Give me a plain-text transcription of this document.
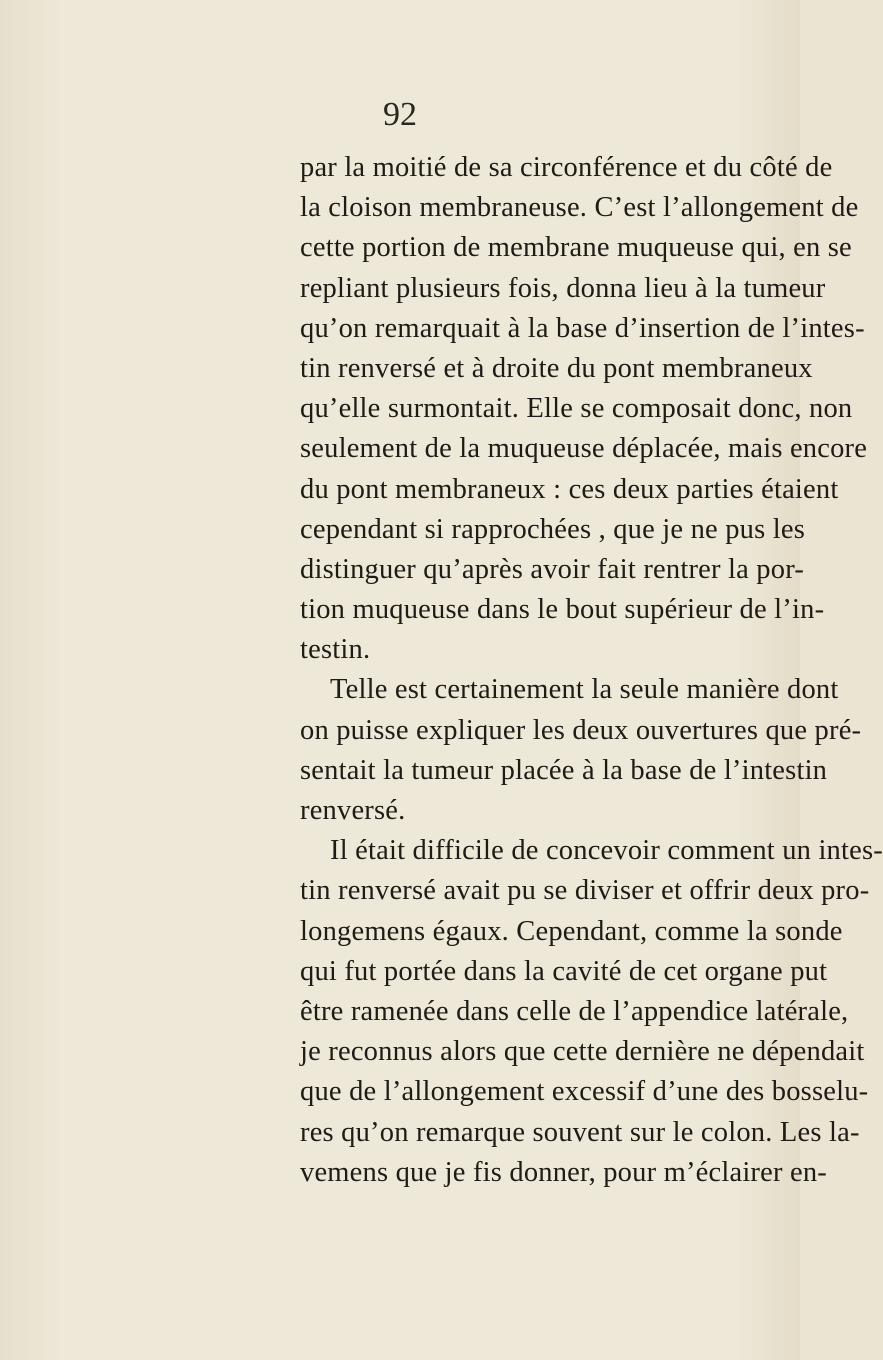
92
par la moitié de sa circonférence et du côté de
la cloison membraneuse. C’est l’allongement de
cette portion de membrane muqueuse qui, en se
repliant plusieurs fois, donna lieu à la tumeur
qu’on remarquait à la base d’insertion de l’intes-
tin renversé et à droite du pont membraneux
qu’elle surmontait. Elle se composait donc, non
seulement de la muqueuse déplacée, mais encore
du pont membraneux : ces deux parties étaient
cependant si rapprochées , que je ne pus les
distinguer qu’après avoir fait rentrer la por-
tion muqueuse dans le bout supérieur de l’in-
testin.
Telle est certainement la seule manière dont
on puisse expliquer les deux ouvertures que pré-
sentait la tumeur placée à la base de l’intestin
renversé.
Il était difficile de concevoir comment un intes-
tin renversé avait pu se diviser et offrir deux pro-
longemens égaux. Cependant, comme la sonde
qui fut portée dans la cavité de cet organe put
être ramenée dans celle de l’appendice latérale,
je reconnus alors que cette dernière ne dépendait
que de l’allongement excessif d’une des bosselu-
res qu’on remarque souvent sur le colon. Les la-
vemens que je fis donner, pour m’éclairer en-
